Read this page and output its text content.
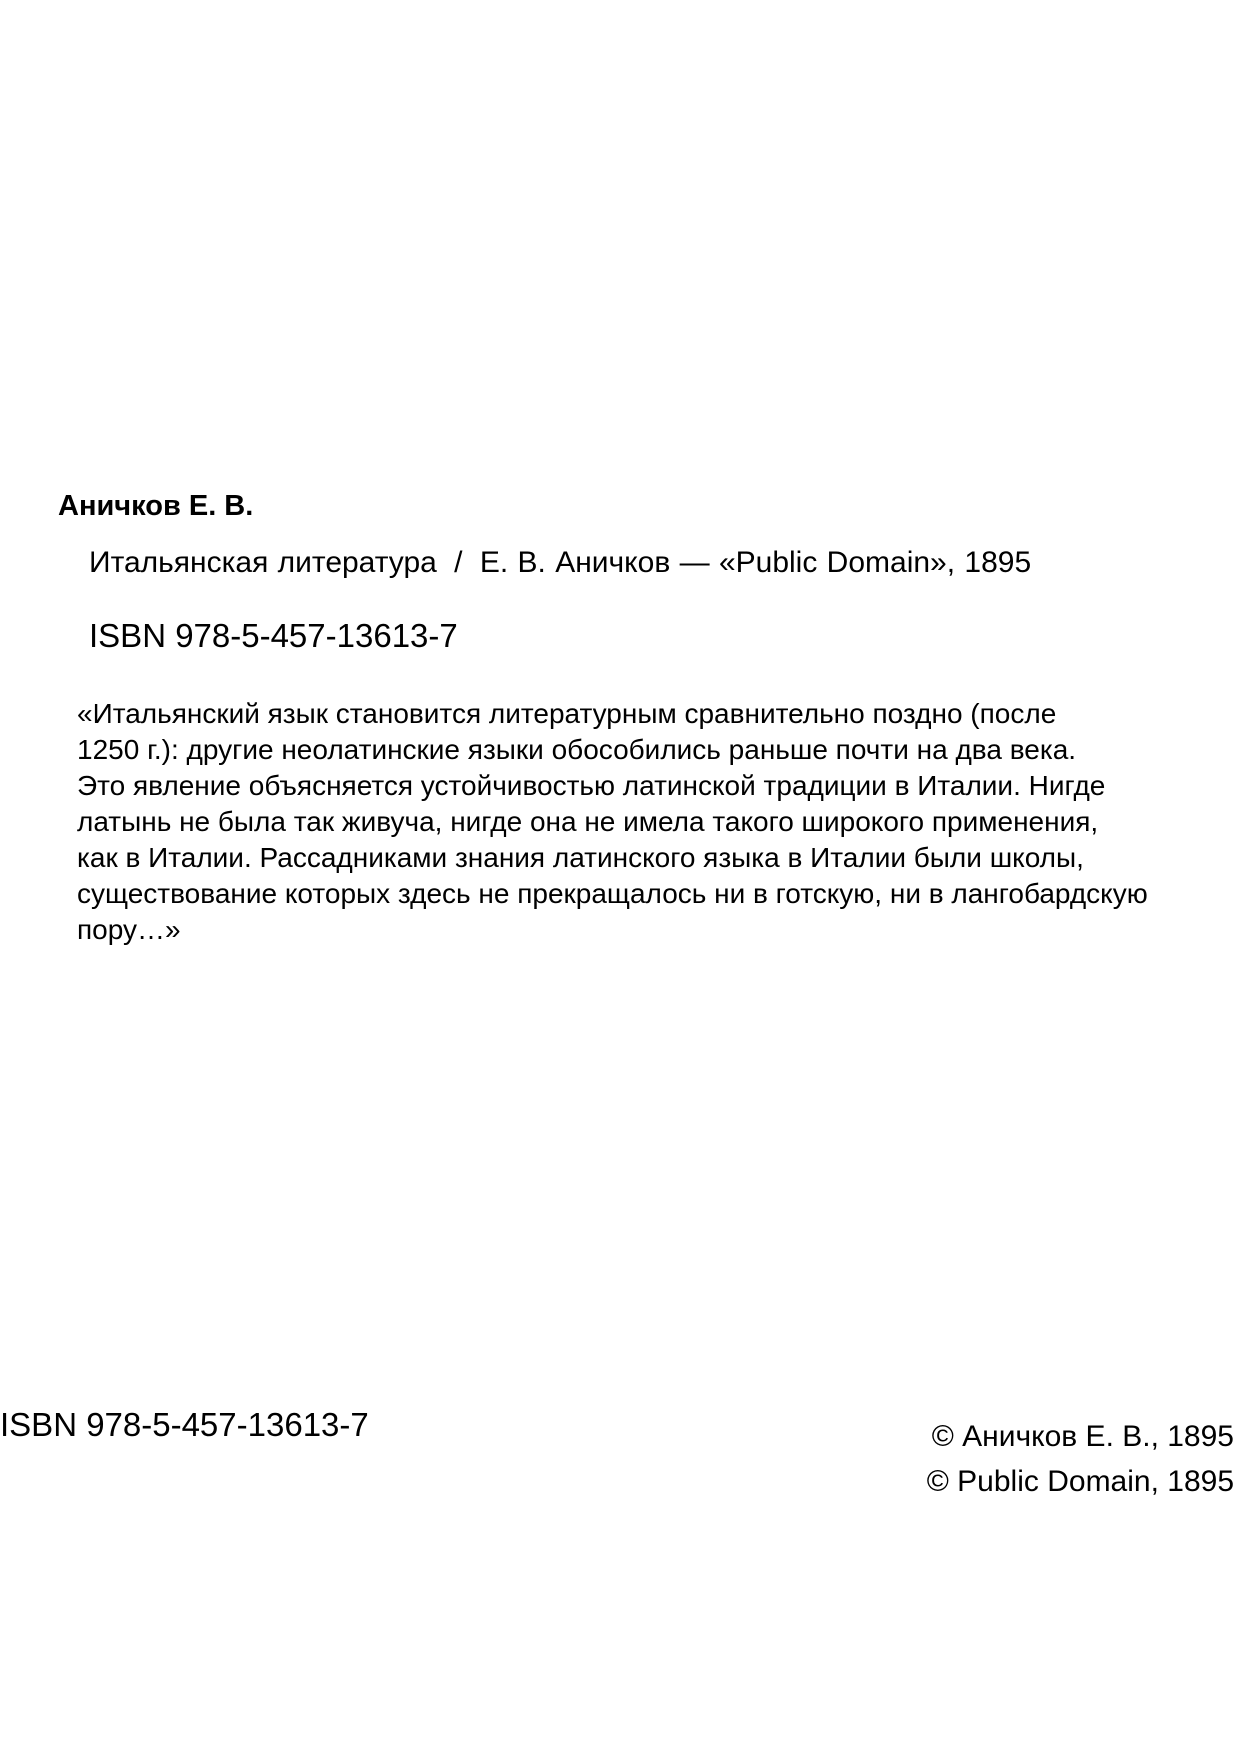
Аничков Е. В.
Итальянская литература / Е. В. Аничков — «Public Domain», 1895
ISBN 978-5-457-13613-7
«Итальянский язык становится литературным сравнительно поздно (после
1250 г.): другие неолатинские языки обособились раньше почти на два века.
Это явление объясняется устойчивостью латинской традиции в Италии. Нигде
латынь не была так живуча, нигде она не имела такого широкого применения,
как в Италии. Рассадниками знания латинского языка в Италии были школы,
существование которых здесь не прекращалось ни в готскую, ни в лангобардскую
пору…»
ISBN 978-5-457-13613-7	© Аничков Е. В., 1895
© Public Domain, 1895
